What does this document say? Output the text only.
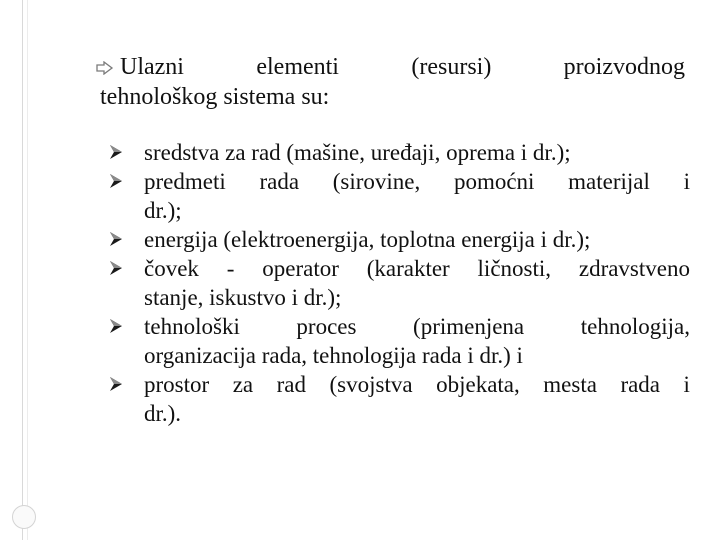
Ulazni	elementi	(resursi)	proizvodnog
tehnološkog sistema su:
sredstva za rad (mašine, uređaji, oprema i dr.);
predmeti rada (sirovine, pomoćni materijal i
dr.);
energija (elektroenergija, toplotna energija i dr.);
čovek - operator (karakter ličnosti, zdravstveno
stanje, iskustvo i dr.);
tehnološki proces (primenjena tehnologija,
organizacija rada, tehnologija rada i dr.) i
prostor za rad (svojstva objekata, mesta rada i
dr.).
